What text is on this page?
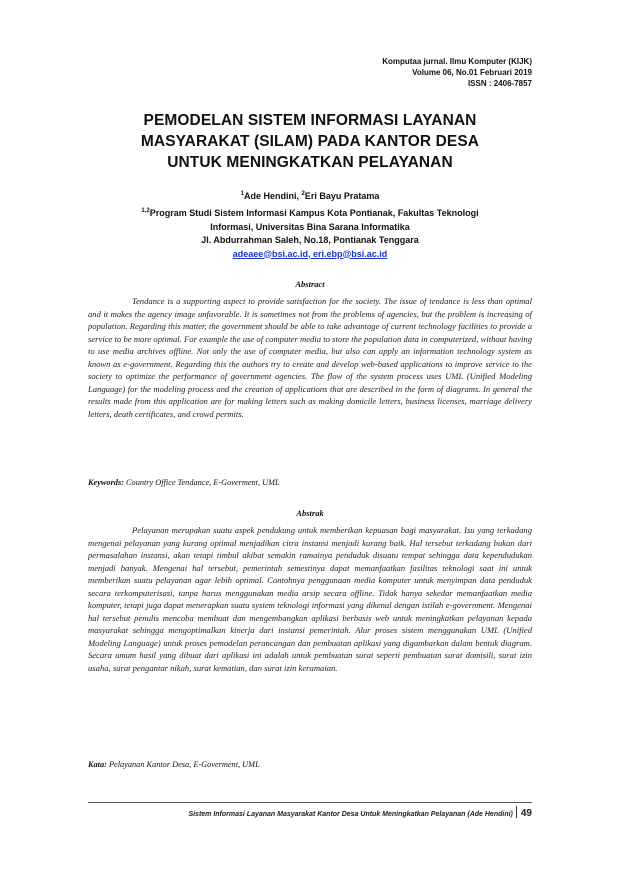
Komputaa jurnal. Ilmu Komputer (KIJK)
Volume 06, No.01 Februari 2019
ISSN : 2406-7857
PEMODELAN SISTEM INFORMASI LAYANAN
MASYARAKAT (SILAM) PADA KANTOR DESA
UNTUK MENINGKATKAN PELAYANAN
$^1$Ade Hendini, $^2$Eri Bayu Pratama
$^{1,2}$Program Studi Sistem Informasi Kampus Kota Pontianak, Fakultas Teknologi
Informasi, Universitas Bina Sarana Informatika
Jl. Abdurrahman Saleh, No.18, Pontianak Tenggara
adeaee@bsi.ac.id, eri.ebp@bsi.ac.id
Abstract

Tendance is a supporting aspect to provide satisfaction for the society. The issue of tendance is less than optimal and it makes the agency image unfavorable. It is sometimes not from the problems of agencies, but the problem is increasing of population. Regarding this matter, the government should be able to take advantage of current technology facilities to provide a service to be more optimal. For example the use of computer media to store the population data in computerized, without having to use media archives offline. Not only the use of computer media, but also can apply an information technology system as known as e-government. Regarding this the authors try to create and develop web-based applications to improve service to the society to optimize the performance of government agencies. The flow of the system process uses UML (Unified Modeling Language) for the modeling process and the creation of applications that are described in the form of diagrams. In general the results made from this application are for making letters such as making domicile letters, business licenses, marriage delivery letters, death certificates, and crowd permits.

Keywords: Country Office Tendance, E-Goverment, UML
Abstrak

Pelayanan merupakan suatu aspek pendukung untuk memberikan kepuasan bagi masyarakat. Isu yang terkadang mengenai pelayanan yang kurang optimal menjadikan citra instansi menjadi kurang baik. Hal tersebut terkadang bukan dari permasalahan instansi, akan tetapi timbul akibat semakin ramainya penduduk disuatu tempat sehingga data kependudukan menjadi banyak. Mengenai hal tersebut, pemerintah semestinya dapat memanfaatkan fasilitas teknologi saat ini untuk memberikan suatu pelayanan agar lebih optimal. Contohnya penggunaan media komputer untuk menyimpan data penduduk secara terkomputerisasi, tanpa harus menggunakan media arsip secara offline. Tidak hanya sekedar memanfaatkan media komputer, tetapi juga dapat menerapkan suatu system teknologi informasi yang dikenal dengan istilah e-government. Mengenai hal tersebut penulis mencoba membuat dan mengembangkan aplikasi berbasis web untuk meningkatkan pelayanan kepada masyarakat sehingga mengoptimalkan kinerja dari instansi pemerintah. Alur proses sistem menggunakan UML (Unified Modeling Language) untuk proses pemodelan perancangan dan pembuatan aplikasi yang digambarkan dalam bentuk diagram. Secara umum hasil yang dibuat dari aplikasi ini adalah untuk pembuatan surat seperti pembuatan surat domisili, surat izin usaha, surat pengantar nikah, surat kematian, dan surat izin keramaian.

Kata: Pelayanan Kantor Desa, E-Goverment, UML
Sistem Informasi Layanan Masyarakat Kantor Desa Untuk Meningkatkan Pelayanan (Ade Hendini) 49
